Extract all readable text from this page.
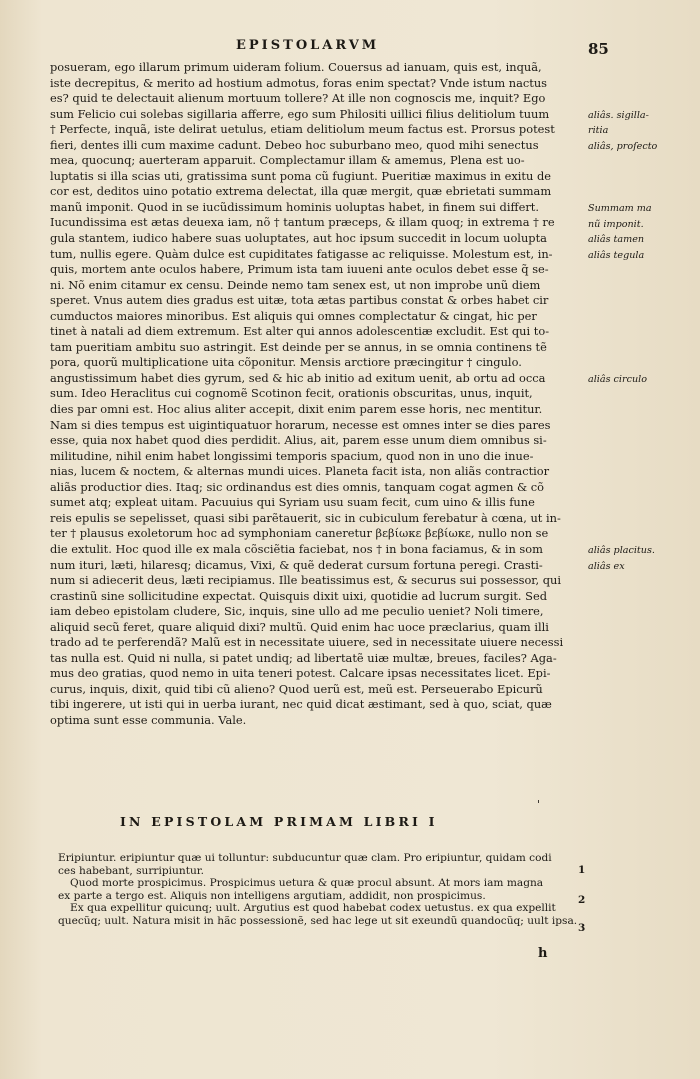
EPISTOLARVM	85

posueram, ego illarum primum uideram folium. Couersus ad ianuam, quis est, inquã,

iste decrepitus, & merito ad hostium admotus, foras enim spectat? Vnde istum nactus

es? quid te delectauit alienum mortuum tollere? At ille non cognoscis me, inquit? Ego

sum Felicio cui solebas sigillaria afferre, ego sum Philositi uillici filius delitiolum tuum

† Perfecte, inquã, iste delirat uetulus, etiam delitiolum meum factus est. Prorsus potest

fieri, dentes illi cum maxime cadunt. Debeo hoc suburbano meo, quod mihi senectus

mea, quocunq; auerteram apparuit. Complectamur illam & amemus, Plena est uo-

luptatis si illa scias uti, gratissima sunt poma cũ fugiunt. Pueritiæ maximus in exitu de

cor est, deditos uino potatio extrema delectat, illa quæ mergit, quæ ebrietati summam

manũ imponit. Quod in se iucũdissimum hominis uoluptas habet, in finem sui differt.

Iucundissima est ætas deuexa iam, nõ † tantum præceps, & illam quoq; in extrema † re

gula stantem, iudico habere suas uoluptates, aut hoc ipsum succedit in locum uolupta

tum, nullis egere. Quàm dulce est cupiditates fatigasse ac reliquisse. Molestum est, in-

quis, mortem ante oculos habere, Primum ista tam iuueni ante oculos debet esse q̃ se-

ni. Nõ enim citamur ex censu. Deinde nemo tam senex est, ut non improbe unũ diem

speret. Vnus autem dies gradus est uitæ, tota ætas partibus constat & orbes habet cir

cumductos maiores minoribus. Est aliquis qui omnes complectatur & cingat, hic per

tinet à natali ad diem extremum. Est alter qui annos adolescentiæ excludit. Est qui to-

tam pueritiam ambitu suo astringit. Est deinde per se annus, in se omnia continens tẽ

pora, quorũ multiplicatione uita cõponitur. Mensis arctiore præcingitur † cingulo.

angustissimum habet dies gyrum, sed & hic ab initio ad exitum uenit, ab ortu ad occa

sum. Ideo Heraclitus cui cognomẽ Scotinon fecit, orationis obscuritas, unus, inquit,

dies par omni est. Hoc alius aliter accepit, dixit enim parem esse horis, nec mentitur.

Nam si dies tempus est uigintiquatuor horarum, necesse est omnes inter se dies pares

esse, quia nox habet quod dies perdidit. Alius, ait, parem esse unum diem omnibus si-

militudine, nihil enim habet longissimi temporis spacium, quod non in uno die inue-

nias, lucem & noctem, & alternas mundi uices. Planeta facit ista, non aliãs contractior

aliãs productior dies. Itaq; sic ordinandus est dies omnis, tanquam cogat agmen & cõ

sumet atq; expleat uitam. Pacuuius qui Syriam usu suam fecit, cum uino & illis fune

reis epulis se sepelisset, quasi sibi parẽtauerit, sic in cubiculum ferebatur à cœna, ut in-

ter † plausus exoletorum hoc ad symphoniam caneretur βεβίωκε βεβίωκε, nullo non se

die extulit. Hoc quod ille ex mala cõsciẽtia faciebat, nos † in bona faciamus, & in som

num ituri, læti, hilaresq; dicamus, Vixi, & quẽ dederat cursum fortuna peregi. Crasti-

num si adiecerit deus, læti recipiamus. Ille beatissimus est, & securus sui possessor, qui

crastinũ sine sollicitudine expectat. Quisquis dixit uixi, quotidie ad lucrum surgit. Sed

iam debeo epistolam cludere, Sic, inquis, sine ullo ad me peculio ueniet? Noli timere,

aliquid secũ feret, quare aliquid dixi? multũ. Quid enim hac uoce præclarius, quam illi

trado ad te perferendã? Malũ est in necessitate uiuere, sed in necessitate uiuere necessi

tas nulla est. Quid ni nulla, si patet undiq; ad libertatẽ uiæ multæ, breues, faciles? Aga-

mus deo gratias, quod nemo in uita teneri potest. Calcare ipsas necessitates licet. Epi-

curus, inquis, dixit, quid tibi cũ alieno? Quod uerũ est, meũ est. Perseuerabo Epicurũ

tibi ingerere, ut isti qui in uerba iurant, nec quid dicat æstimant, sed à quo, sciat, quæ

optima sunt esse communia. Vale.

aliâs. sigilla-
ritia
aliâs, proſecto
Summam ma
nũ imponit.
aliâs tamen
aliâs tegula
aliâs circulo
aliâs placitus.
aliâs ex
'
IN EPISTOLAM PRIMAM LIBRI I

Eripiuntur. eripiuntur quæ ui tolluntur: subducuntur quæ clam. Pro eripiuntur, quidam codi

ces habebant, surripiuntur.

Quod morte prospicimus. Prospicimus uetura & quæ procul absunt. At mors iam magna

ex parte a tergo est. Aliquis non intelligens argutiam, addidit, non prospicimus.

Ex qua expellitur quicunq; uult. Argutius est quod habebat codex uetustus. ex qua expellit

quecũq; uult. Natura misit in hãc possessionẽ, sed hac lege ut sit exeundũ quandocũq; uult ipsa.

1
2
3
h
